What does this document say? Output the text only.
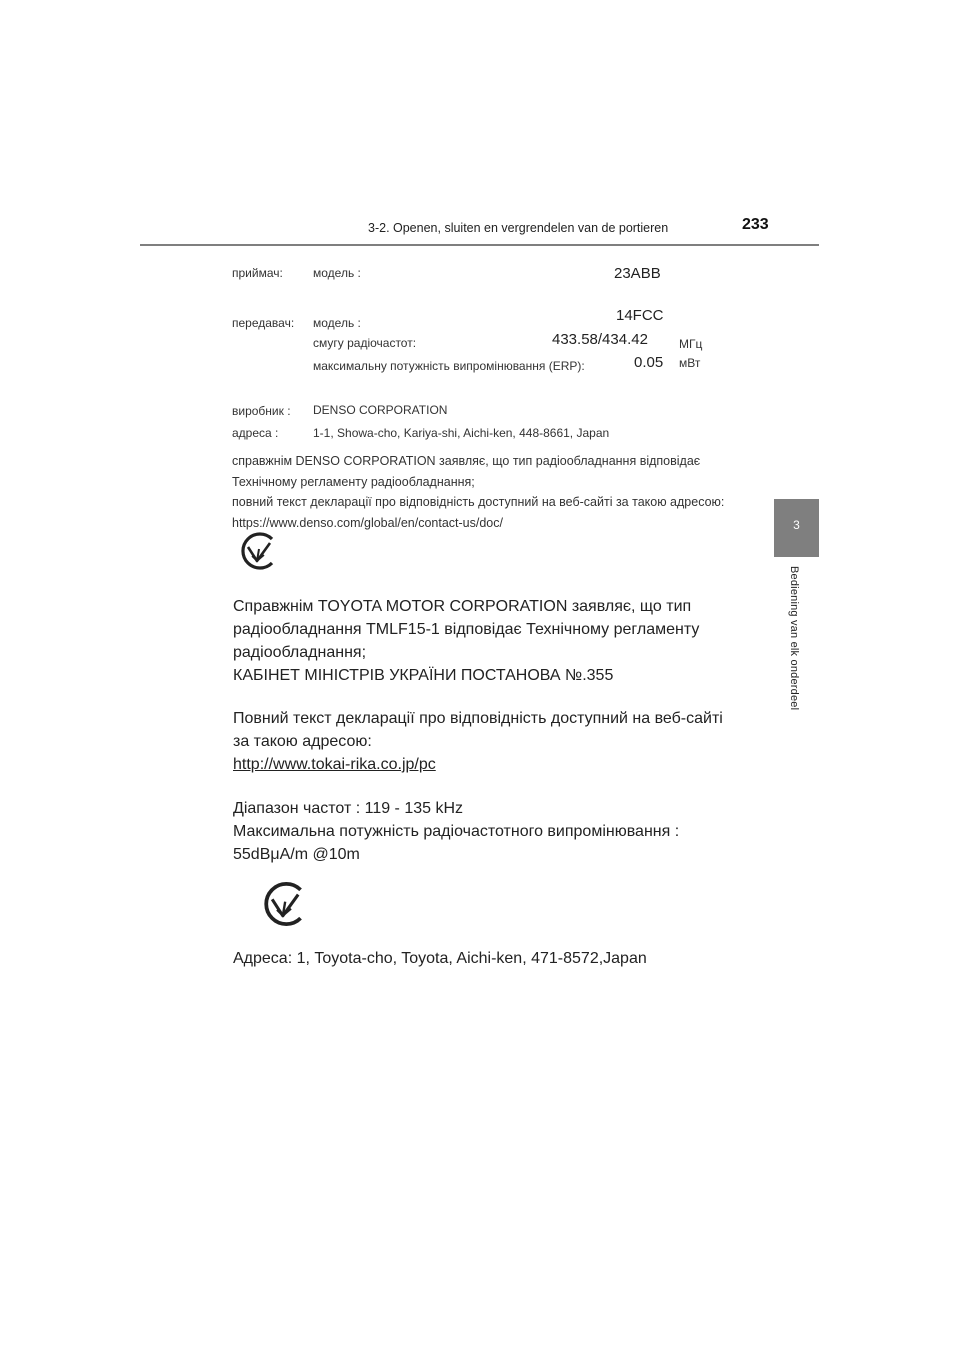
3-2. Openen, sluiten en vergrendelen van de portieren	233
3
Bediening van elk onderdeel
приймач:	модель :	23ABB
передавач: модель :	14FCC
смугу радіочастот:	433.58/434.42	МГц
максимальну потужність випромінювання (ERP):	0.05 мВт
виробник : DENSO CORPORATION
адреса :	1-1, Showa-cho, Kariya-shi, Aichi-ken, 448-8661, Japan
справжнім DENSO CORPORATION заявляє, що тип радіообладнання відповідає
Технічному регламенту радіообладнання;
повний текст декларації про відповідність доступний на веб-сайті за такою адресою:
https://www.denso.com/global/en/contact-us/doc/
Справжнім TOYOTA MOTOR CORPORATION заявляє, що тип
радіообладнання TMLF15-1 відповідає Технічному регламенту
радіообладнання;
КАБІНЕТ МІНІСТРІВ УКРАЇНИ ПОСТАНОВА №.355
Повний текст декларації про відповідність доступний на веб-сайті
за такою адресою:
http://www.tokai-rika.co.jp/pc
Діапазон частот : 119 - 135 kHz
Максимальна потужність радіочастотного випромінювання :
55dBμA/m @10m
Адреса: 1, Toyota-cho, Toyota, Aichi-ken, 471-8572,Japan
